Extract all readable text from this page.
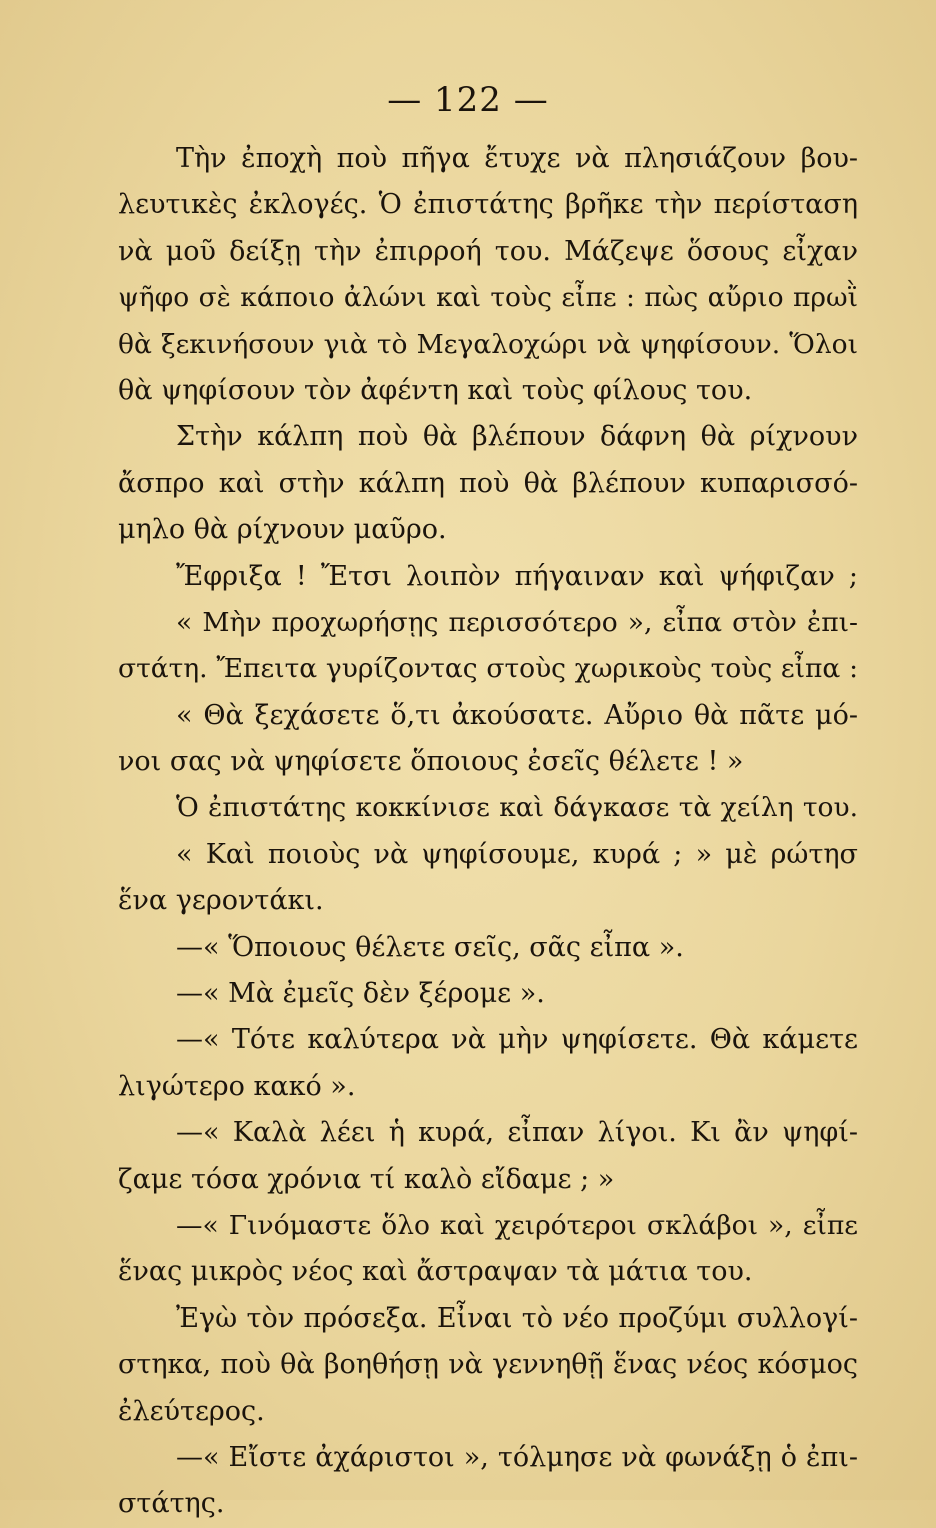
— 122 —
Τὴν ἐποχὴ ποὺ πῆγα ἔτυχε νὰ πλησιάζουν βου-
λευτικὲς ἐκλογές. Ὁ ἐπιστάτης βρῆκε τὴν περίσταση
νὰ μοῦ δείξῃ τὴν ἐπιρροή του. Μάζεψε ὅσους εἶχαν
ψῆφο σὲ κάποιο ἀλώνι καὶ τοὺς εἶπε : πὼς αὔριο πρωῒ
θὰ ξεκινήσουν γιὰ τὸ Μεγαλοχώρι νὰ ψηφίσουν. Ὅλοι
θὰ ψηφίσουν τὸν ἀφέντη καὶ τοὺς φίλους του.
Στὴν κάλπη ποὺ θὰ βλέπουν δάφνη θὰ ρίχνουν
ἄσπρο καὶ στὴν κάλπη ποὺ θὰ βλέπουν κυπαρισσό-
μηλο θὰ ρίχνουν μαῦρο.
Ἔφριξα ! Ἔτσι λοιπὸν πήγαιναν καὶ ψήφιζαν ;
« Μὴν προχωρήσῃς περισσότερο », εἶπα στὸν ἐπι-
στάτη. Ἔπειτα γυρίζοντας στοὺς χωρικοὺς τοὺς εἶπα :
« Θὰ ξεχάσετε ὅ,τι ἀκούσατε. Αὔριο θὰ πᾶτε μό-
νοι σας νὰ ψηφίσετε ὅποιους ἐσεῖς θέλετε ! »
Ὁ ἐπιστάτης κοκκίνισε καὶ δάγκασε τὰ χείλη του.
« Καὶ ποιοὺς νὰ ψηφίσουμε, κυρά ; » μὲ ρώτησ
ἕνα γεροντάκι.
—« Ὅποιους θέλετε σεῖς, σᾶς εἶπα ».
—« Μὰ ἐμεῖς δὲν ξέρομε ».
—« Τότε καλύτερα νὰ μὴν ψηφίσετε. Θὰ κάμετε
λιγώτερο κακό ».
—« Καλὰ λέει ἡ κυρά, εἶπαν λίγοι. Κι ἂν ψηφί-
ζαμε τόσα χρόνια τί καλὸ εἴδαμε ; »
—« Γινόμαστε ὅλο καὶ χειρότεροι σκλάβοι », εἶπε
ἕνας μικρὸς νέος καὶ ἄστραψαν τὰ μάτια του.
Ἐγὼ τὸν πρόσεξα. Εἶναι τὸ νέο προζύμι συλλογί-
στηκα, ποὺ θὰ βοηθήσῃ νὰ γεννηθῇ ἕνας νέος κόσμος
ἐλεύτερος.
—« Εἴστε ἀχάριστοι », τόλμησε νὰ φωνάξῃ ὁ ἐπι-
στάτης.
